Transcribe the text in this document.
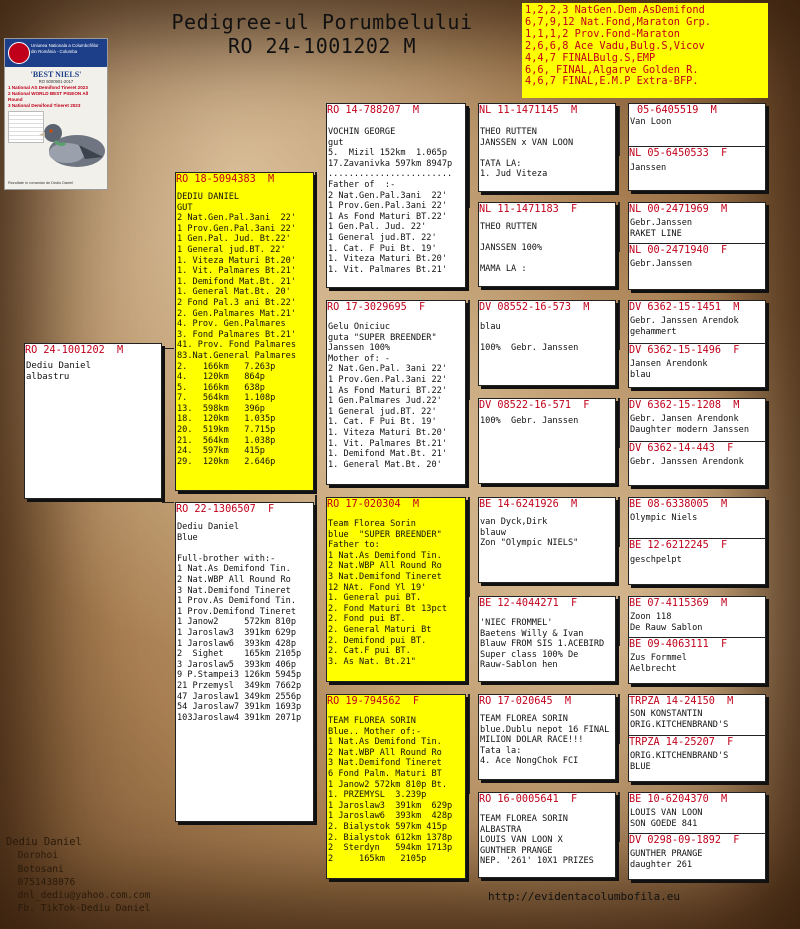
Pedigree-ul Porumbelului
RO 24-1001202 M
1,2,2,3 NatGen.Dem.AsDemifond
6,7,9,12 Nat.Fond,Maraton Grp.
1,1,1,2 Prov.Fond-Maraton
2,6,6,8 Ace Vadu,Bulg.S,Vicov
4,4,7 FINALBulg.S,EMP
6,6, FINAL,Algarve Golden R.
4,6,7 FINAL,E.M.P Extra-BFP.
Uniunea Nationala a Columbofililor
din România - Columba
'BEST NIELS'
RO 5000901-2017
1 National AS Demifond Tineret 2023
2 National WORLD BEST PIGEON All Round
3 National Demifond Tineret 2023
Rezultate in romanian de Dediu Daniel
RO 24-1001202  M
Dediu Daniel
albastru
RO 18-5094383  M
DEDIU DANIEL
GUT
2 Nat.Gen.Pal.3ani  22'
1 Prov.Gen.Pal.3ani 22'
1 Gen.Pal. Jud. Bt.22'
1 General jud.BT. 22'
1. Viteza Maturi Bt.20'
1. Vit. Palmares Bt.21'
1. Demifond Mat.Bt. 21'
1. General Mat.Bt. 20'
2 Fond Pal.3 ani Bt.22'
2. Gen.Palmares Mat.21'
4. Prov. Gen.Palmares
3. Fond Palmares Bt.21'
41. Prov. Fond Palmares
83.Nat.General Palmares
2.   166km   7.263p
4.   120km   864p
5.   166km   638p
7.   564km   1.108p
13.  598km   396p
18.  120km   1.035p
20.  519km   7.715p
21.  564km   1.038p
24.  597km   415p
29.  120km   2.646p
RO 22-1306507  F
Dediu Daniel
Blue

Full-brother with:-
1 Nat.As Demifond Tin.
2 Nat.WBP All Round Ro
3 Nat.Demifond Tineret
1 Prov.As Demifond Tin.
1 Prov.Demifond Tineret
1 Janow2     572km 810p
1 Jaroslaw3  391km 629p
1 Jaroslaw6  393km 428p
2  Sighet    165km 2105p
3 Jaroslaw5  393km 406p
9 P.Stampei3 126km 5945p
21 Przemysl  349km 7662p
47 Jaroslaw1 349km 2556p
54 Jaroslaw7 391km 1693p
103Jaroslaw4 391km 2071p
RO 14-788207  M
VOCHIN GEORGE
gut
5.  Mizil 152km  1.065p
17.Zavanivka 597km 8947p
........................
Father of  :-
2 Nat.Gen.Pal.3ani  22'
1 Prov.Gen.Pal.3ani 22'
1 As Fond Maturi BT.22'
1 Gen.Pal. Jud. 22'
1 General jud.BT. 22'
1. Cat. F Pui Bt. 19'
1. Viteza Maturi Bt.20'
1. Vit. Palmares Bt.21'
RO 17-3029695  F
Gelu Oniciuc
guta "SUPER BREENDER"
Janssen 100%
Mother of: -
2 Nat.Gen.Pal. 3ani 22'
1 Prov.Gen.Pal.3ani 22'
1 As Fond Maturi BT.22'
1 Gen.Palmares Jud.22'
1 General jud.BT. 22'
1. Cat. F Pui Bt. 19'
1. Viteza Maturi Bt.20'
1. Vit. Palmares Bt.21'
1. Demifond Mat.Bt. 21'
1. General Mat.Bt. 20'
RO 17-020304  M
Team Florea Sorin
blue  "SUPER BREENDER"
Father to:
1 Nat.As Demifond Tin.
2 Nat.WBP All Round Ro
3 Nat.Demifond Tineret
12 NAt. Fond Yl 19'
1. General pui BT.
2. Fond Maturi Bt 13pct
2. Fond pui BT.
2. General Maturi Bt
2. Demifond pui BT.
2. Cat.F pui BT.
3. As Nat. Bt.21"
RO 19-794562  F
TEAM FLOREA SORIN
Blue.. Mother of:-
1 Nat.As Demifond Tin.
2 Nat.WBP All Round Ro
3 Nat.Demifond Tineret
6 Fond Palm. Maturi BT
1 Janow2 572km 810p Bt.
1. PRZEMYSL  3.239p
1 Jaroslaw3  391km  629p
1 Jaroslaw6  393km  428p
2. Bialystok 597km 415p
2. Bialystok 612km 1378p
2  Sterdyn   594km 1713p
2     165km   2105p
NL 11-1471145  M
THEO RUTTEN
JANSSEN x VAN LOON

TATA LA:
1. Jud Viteza
NL 11-1471183  F
THEO RUTTEN

JANSSEN 100%

MAMA LA :
DV 08552-16-573  M
blau

100%  Gebr. Janssen
DV 08522-16-571  F
100%  Gebr. Janssen
BE 14-6241926  M
van Dyck,Dirk
blauw
Zon "Olympic NIELS"
BE 12-4044271  F
'NIEC FROMMEL'
Baetens Willy & Ivan
Blauw FROM SIS 1.ACEBIRD
Super class 100% De
Rauw-Sablon hen
RO 17-020645  M
TEAM FLOREA SORIN
blue.Dublu nepot 16 FINAL
MILION DOLAR RACE!!!
Tata la:
4. Ace NongChok FCI
RO 16-0005641  F
TEAM FLOREA SORIN
ALBASTRA
LOUIS VAN LOON X
GUNTHER PRANGE
NEP. '261' 10X1 PRIZES
05-6405519  M
Van Loon
NL 05-6450533  F
Janssen
NL 00-2471969  M
Gebr.Janssen
RAKET LINE
NL 00-2471940  F
Gebr.Janssen
DV 6362-15-1451  M
Gebr. Janssen Arendok
gehammert
DV 6362-15-1496  F
Jansen Arendonk
blau
DV 6362-15-1208  M
Gebr. Jansen Arendonk
Daughter modern Janssen
DV 6362-14-443  F
Gebr. Janssen Arendonk
BE 08-6338005  M
Olympic Niels
BE 12-6212245  F
geschpelpt
BE 07-4115369  M
Zoon 118
De Rauw Sablon
BE 09-4063111  F
Zus Formmel
Aelbrecht
TRPZA 14-24150  M
SON KONSTANTIN
ORIG.KITCHENBRAND'S
TRPZA 14-25207  F
ORIG.KITCHENBRAND'S
BLUE
BE 10-6204370  M
LOUIS VAN LOON
SON GOEDE 841
DV 0298-09-1892  F
GUNTHER PRANGE
daughter 261
Dediu Daniel
Dorohoi
Botosani
0751438076
dnl_dediu@yahoo.com.com
Fb. TikTok-Dediu Daniel
http://evidentacolumbofila.eu
